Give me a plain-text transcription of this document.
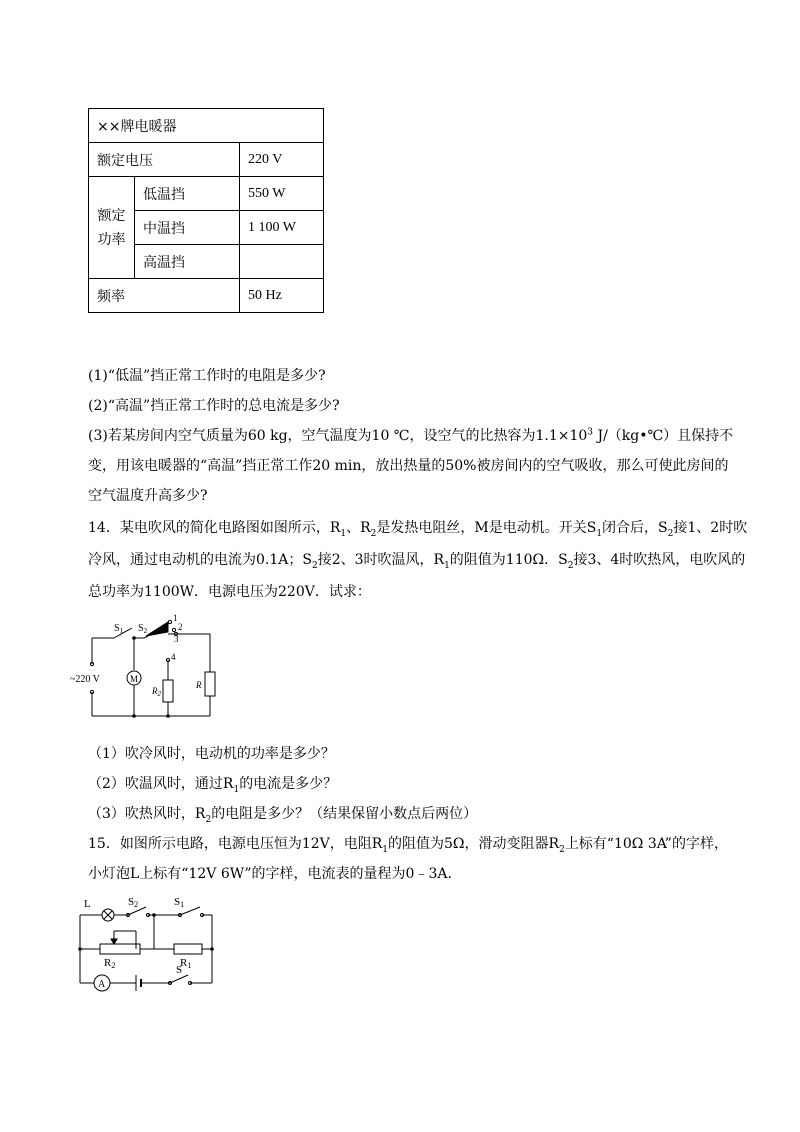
××牌电暖器		
额定电压		220 V
额定
功率	低温挡	550 W
	中温挡	1 100 W
	高温挡	
频率		50 Hz
(1)“低温”挡正常工作时的电阻是多少?
(2)“高温”挡正常工作时的总电流是多少?
(3)若某房间内空气质量为60 kg，空气温度为10 ℃，设空气的比热容为$1.1\times 10^3$ J/（kg•℃）且保持不
变，用该电暖器的“高温”挡正常工作20 min，放出热量的50%被房间内的空气吸收，那么可使此房间的
空气温度升高多少?
14．某电吹风的简化电路图如图所示，$R_1$、$R_2$是发热电阻丝，M是电动机。开关$S_1$闭合后，$S_2$接1、2时吹
冷风，通过电动机的电流为0.1A；$S_2$接2、3时吹温风，$R_1$的阻值为110Ω．$S_2$接3、4时吹热风，电吹风的
总功率为1100W．电源电压为220V．试求：
$S_1$ $S_2$
1
2
3
4
~220 V	M
$R_2$
$R_1$
（1）吹冷风时，电动机的功率是多少？
（2）吹温风时，通过$R_1$的电流是多少？
（3）吹热风时，$R_2$的电阻是多少？（结果保留小数点后两位）
15．如图所示电路，电源电压恒为12V，电阻$R_1$的阻值为5Ω，滑动变阻器$R_2$上标有“10Ω 3A”的字样，
小灯泡L上标有“12V 6W”的字样，电流表的量程为0﹣3A.
L	S2	S1
R2	R1
A
S
